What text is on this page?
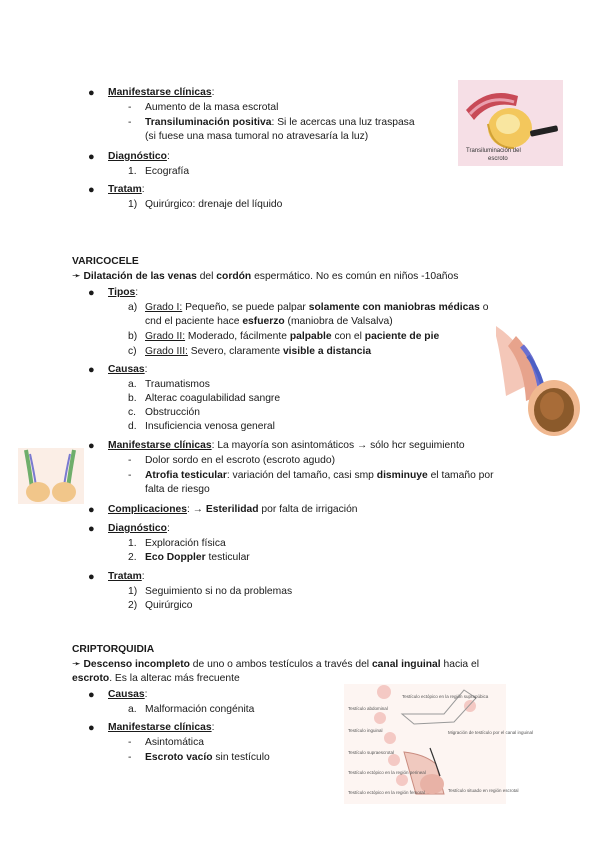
● Manifestarse clínicas:
- Aumento de la masa escrotal
- Transiluminación positiva: Si le acercas una luz traspasa
(si fuese una masa tumoral no atravesaría la luz)
● Diagnóstico:
1. Ecografía
● Tratam:
1) Quirúrgico: drenaje del líquido
Transiluminación del
escroto
VARICOCELE
➛ Dilatación de las venas del cordón espermático. No es común en niños -10años
● Tipos:
a) Grado I: Pequeño, se puede palpar solamente con maniobras médicas o
cnd el paciente hace esfuerzo (maniobra de Valsalva)
b) Grado II: Moderado, fácilmente palpable con el paciente de pie
c) Grado III: Severo, claramente visible a distancia
● Causas:
a. Traumatismos
b. Alterac coagulabilidad sangre
c. Obstrucción
d. Insuficiencia venosa general
● Manifestarse clínicas: La mayoría son asintomáticos → sólo hcr seguimiento
- Dolor sordo en el escroto (escroto agudo)
- Atrofia testicular: variación del tamaño, casi smp disminuye el tamaño por
falta de riesgo
● Complicaciones: → Esterilidad por falta de irrigación
● Diagnóstico:
1. Exploración física
2. Eco Doppler testicular
● Tratam:
1) Seguimiento si no da problemas
2) Quirúrgico
CRIPTORQUIDIA
➛ Descenso incompleto de uno o ambos testículos a través del canal inguinal hacia el
escroto. Es la alterac más frecuente
● Causas:
a. Malformación congénita
● Manifestarse clínicas:
- Asintomática
- Escroto vacío sin testículo
Testículo ectópico en la región suprapúbica
Testículo abdominal
Testículo inguinal
Testículo supraescrotal
Testículo ectópico en la región perineal
Testículo ectópico en la región femoral
Migración de testículo por el canal inguinal
Testículo situado en región escrotal
